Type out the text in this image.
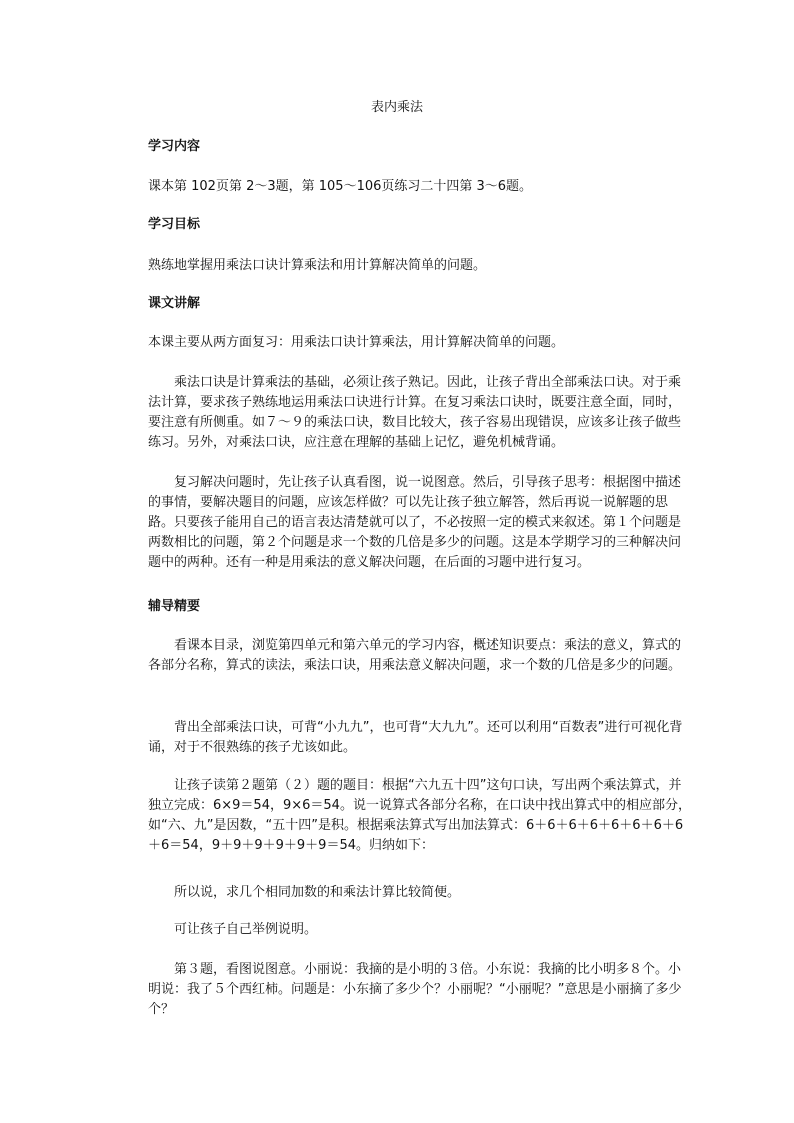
表内乘法
学习内容
课本第 102页第 2～3题，第 105～106页练习二十四第 3～6题。
学习目标
熟练地掌握用乘法口诀计算乘法和用计算解决简单的问题。
课文讲解
本课主要从两方面复习：用乘法口诀计算乘法，用计算解决简单的问题。
乘法口诀是计算乘法的基础，必须让孩子熟记。因此，让孩子背出全部乘法口诀。对于乘法计算，要求孩子熟练地运用乘法口诀进行计算。在复习乘法口诀时，既要注意全面，同时，要注意有所侧重。如７～９的乘法口诀，数目比较大，孩子容易出现错误，应该多让孩子做些练习。另外，对乘法口诀，应注意在理解的基础上记忆，避免机械背诵。
复习解决问题时，先让孩子认真看图，说一说图意。然后，引导孩子思考：根据图中描述的事情，要解决题目的问题，应该怎样做？可以先让孩子独立解答，然后再说一说解题的思路。只要孩子能用自己的语言表达清楚就可以了，不必按照一定的模式来叙述。第１个问题是两数相比的问题，第２个问题是求一个数的几倍是多少的问题。这是本学期学习的三种解决问题中的两种。还有一种是用乘法的意义解决问题，在后面的习题中进行复习。
辅导精要
看课本目录，浏览第四单元和第六单元的学习内容，概述知识要点：乘法的意义，算式的各部分名称，算式的读法，乘法口诀，用乘法意义解决问题，求一个数的几倍是多少的问题。
背出全部乘法口诀，可背“小九九”，也可背“大九九”。还可以利用“百数表”进行可视化背诵，对于不很熟练的孩子尤该如此。
让孩子读第２题第（２）题的题目：根据“六九五十四”这句口诀，写出两个乘法算式，并独立完成：6×9＝54，9×6＝54。说一说算式各部分名称，在口诀中找出算式中的相应部分，如“六、九”是因数，“五十四”是积。根据乘法算式写出加法算式：6＋6＋6＋6＋6＋6＋6＋6＋6＝54，9＋9＋9＋9＋9＋9＝54。归纳如下：
所以说，求几个相同加数的和乘法计算比较简便。
可让孩子自己举例说明。
第３题，看图说图意。小丽说：我摘的是小明的３倍。小东说：我摘的比小明多８个。小明说：我了５个西红柿。问题是：小东摘了多少个？小丽呢？“小丽呢？”意思是小丽摘了多少个？
